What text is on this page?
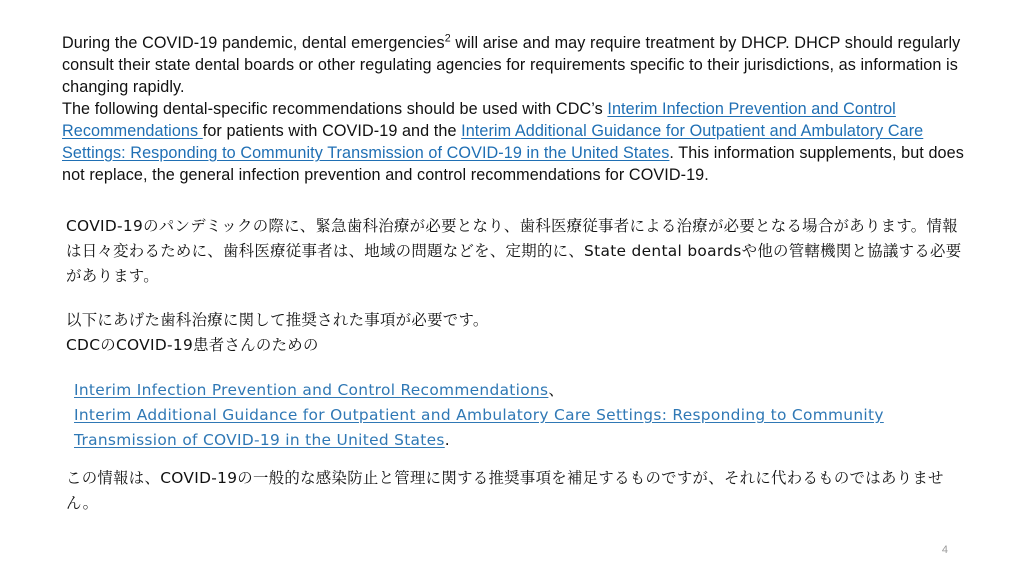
During the COVID-19 pandemic, dental emergencies$^2$ will arise and may require treatment by DHCP. DHCP should regularly consult their state dental boards or other regulating agencies for requirements specific to their jurisdictions, as information is changing rapidly.

The following dental-specific recommendations should be used with CDC’s Interim Infection Prevention and Control Recommendations for patients with COVID-19 and the Interim Additional Guidance for Outpatient and Ambulatory Care Settings: Responding to Community Transmission of COVID-19 in the United States. This information supplements, but does not replace, the general infection prevention and control recommendations for COVID-19.

COVID-19のパンデミックの際に、緊急歯科治療が必要となり、歯科医療従事者による治療が必要となる場合があります。情報は日々変わるために、歯科医療従事者は、地域の問題などを、定期的に、State dental boardsや他の管轄機関と協議する必要があります。

以下にあげた歯科治療に関して推奨された事項が必要です。

CDCのCOVID-19患者さんのための

Interim Infection Prevention and Control Recommendations、

Interim Additional Guidance for Outpatient and Ambulatory Care Settings: Responding to Community Transmission of COVID-19 in the United States.

この情報は、COVID-19の一般的な感染防止と管理に関する推奨事項を補足するものですが、それに代わるものではありません。

4
